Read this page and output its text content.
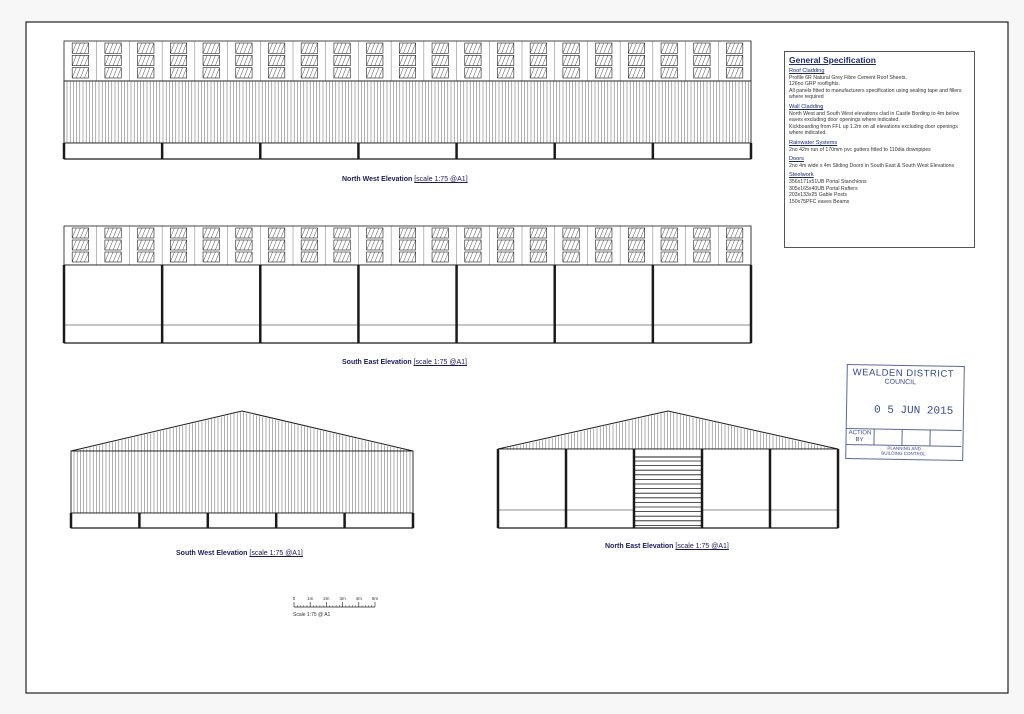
0	1m 2m 3m 4m 5m
North West Elevation [scale 1:75 @A1]
South East Elevation [scale 1:75 @A1]
South West Elevation [scale 1:75 @A1]
North East Elevation [scale 1:75 @A1]
General Specification
Roof Cladding

Profile 6R Natural Grey Fibre Cement Roof Sheets.

126no GRP rooflights.

All panels fitted to manufacturers specification using sealing tape and fillers where required

Wall Cladding

North West and South West elevations clad in Castle Bording to 4m below eaves excluding door openings where indicated.

Kickboarding from FFL up 1.2m on all elevations excluding door openings where indicated.

Rainwater Systems

2no 42m run of 170mm pvc gutters fitted to 110dia downpipes

Doors

2no 4m wide x 4m Sliding Doors in South East & South West Elevations

Steelwork

356x171x51UB Portal Stanchions

305x165x40UB Portal Rafters

203x133x25 Gable Posts

150x75PFC eaves Beams

WEALDEN DISTRICT
COUNCIL
0 5 JUN 2015
ACTION
BY
PLANNING AND
BUILDING CONTROL
Scale 1:75 @ A1
